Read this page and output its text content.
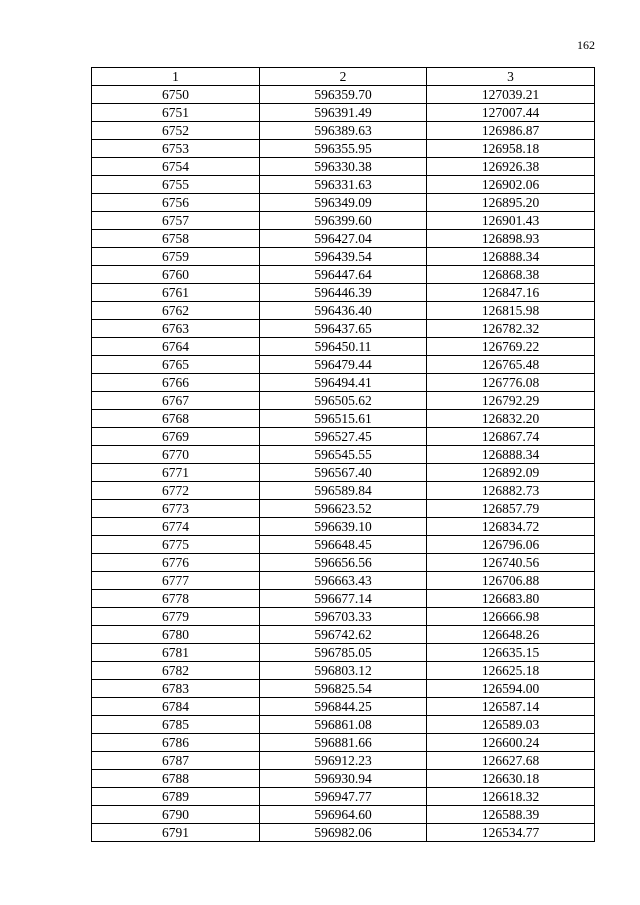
162
1	2	3
6750	596359.70	127039.21
6751	596391.49	127007.44
6752	596389.63	126986.87
6753	596355.95	126958.18
6754	596330.38	126926.38
6755	596331.63	126902.06
6756	596349.09	126895.20
6757	596399.60	126901.43
6758	596427.04	126898.93
6759	596439.54	126888.34
6760	596447.64	126868.38
6761	596446.39	126847.16
6762	596436.40	126815.98
6763	596437.65	126782.32
6764	596450.11	126769.22
6765	596479.44	126765.48
6766	596494.41	126776.08
6767	596505.62	126792.29
6768	596515.61	126832.20
6769	596527.45	126867.74
6770	596545.55	126888.34
6771	596567.40	126892.09
6772	596589.84	126882.73
6773	596623.52	126857.79
6774	596639.10	126834.72
6775	596648.45	126796.06
6776	596656.56	126740.56
6777	596663.43	126706.88
6778	596677.14	126683.80
6779	596703.33	126666.98
6780	596742.62	126648.26
6781	596785.05	126635.15
6782	596803.12	126625.18
6783	596825.54	126594.00
6784	596844.25	126587.14
6785	596861.08	126589.03
6786	596881.66	126600.24
6787	596912.23	126627.68
6788	596930.94	126630.18
6789	596947.77	126618.32
6790	596964.60	126588.39
6791	596982.06	126534.77
